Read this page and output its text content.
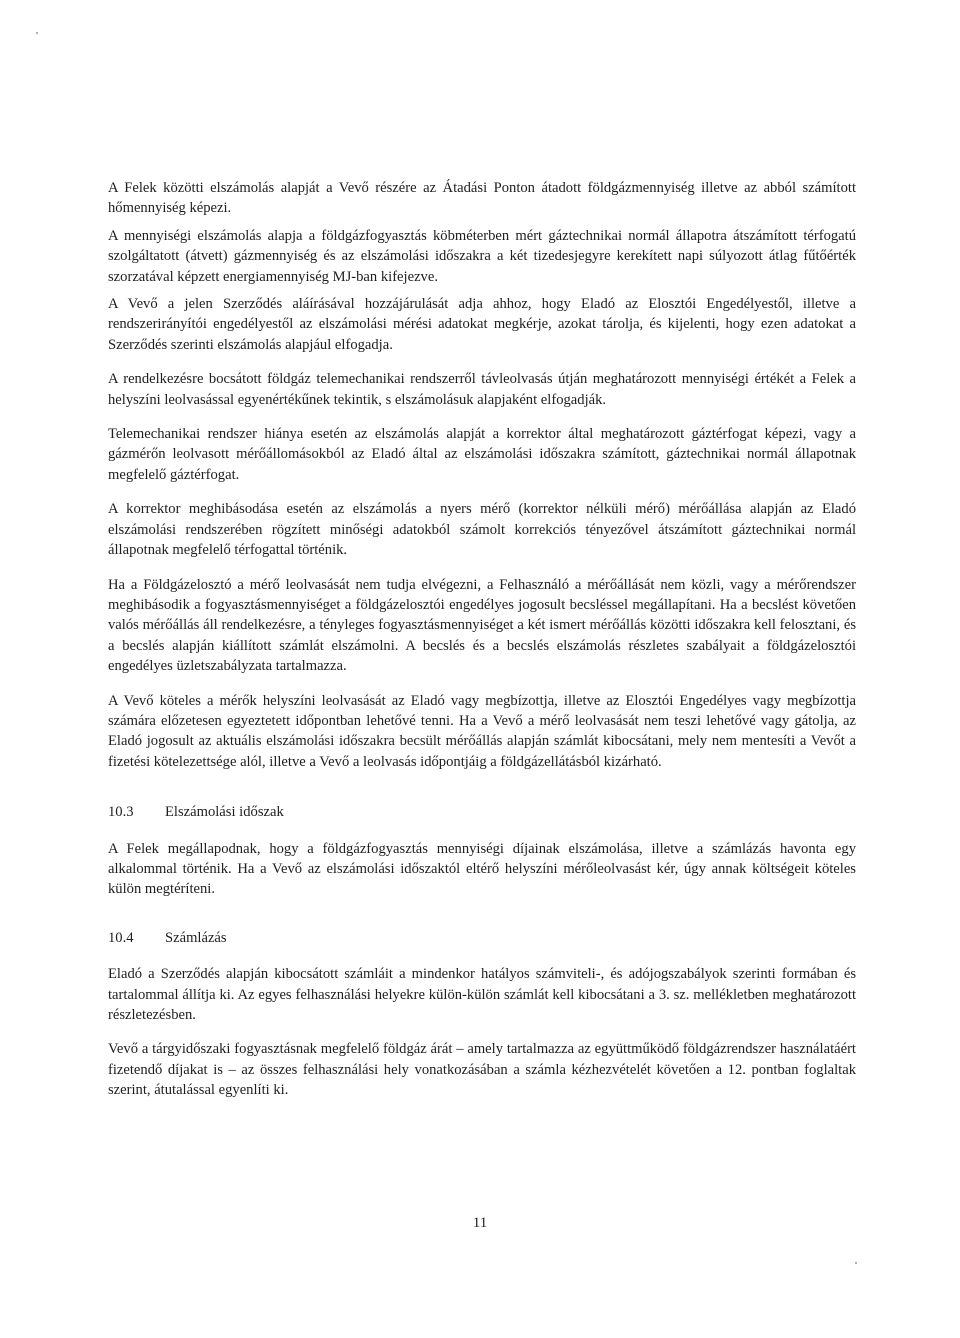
A Felek közötti elszámolás alapját a Vevő részére az Átadási Ponton átadott földgázmennyiség illetve az abból számított hőmennyiség képezi.

A mennyiségi elszámolás alapja a földgázfogyasztás köbméterben mért gáztechnikai normál állapotra átszámított térfogatú szolgáltatott (átvett) gázmennyiség és az elszámolási időszakra a két tizedesjegyre kerekített napi súlyozott átlag fűtőérték szorzatával képzett energiamennyiség MJ-ban kifejezve.

A Vevő a jelen Szerződés aláírásával hozzájárulását adja ahhoz, hogy Eladó az Elosztói Engedélyestől, illetve a rendszerirányítói engedélyestől az elszámolási mérési adatokat megkérje, azokat tárolja, és kijelenti, hogy ezen adatokat a Szerződés szerinti elszámolás alapjául elfogadja.

A rendelkezésre bocsátott földgáz telemechanikai rendszerről távleolvasás útján meghatározott mennyiségi értékét a Felek a helyszíni leolvasással egyenértékűnek tekintik, s elszámolásuk alapjaként elfogadják.

Telemechanikai rendszer hiánya esetén az elszámolás alapját a korrektor által meghatározott gáztérfogat képezi, vagy a gázmérőn leolvasott mérőállomásokból az Eladó által az elszámolási időszakra számított, gáztechnikai normál állapotnak megfelelő gáztérfogat.

A korrektor meghibásodása esetén az elszámolás a nyers mérő (korrektor nélküli mérő) mérőállása alapján az Eladó elszámolási rendszerében rögzített minőségi adatokból számolt korrekciós tényezővel átszámított gáztechnikai normál állapotnak megfelelő térfogattal történik.

Ha a Földgázelosztó a mérő leolvasását nem tudja elvégezni, a Felhasználó a mérőállását nem közli, vagy a mérőrendszer meghibásodik a fogyasztásmennyiséget a földgázelosztói engedélyes jogosult becsléssel megállapítani. Ha a becslést követően valós mérőállás áll rendelkezésre, a tényleges fogyasztásmennyiséget a két ismert mérőállás közötti időszakra kell felosztani, és a becslés alapján kiállított számlát elszámolni. A becslés és a becslés elszámolás részletes szabályait a földgázelosztói engedélyes üzletszabályzata tartalmazza.

A Vevő köteles a mérők helyszíni leolvasását az Eladó vagy megbízottja, illetve az Elosztói Engedélyes vagy megbízottja számára előzetesen egyeztetett időpontban lehetővé tenni. Ha a Vevő a mérő leolvasását nem teszi lehetővé vagy gátolja, az Eladó jogosult az aktuális elszámolási időszakra becsült mérőállás alapján számlát kibocsátani, mely nem mentesíti a Vevőt a fizetési kötelezettsége alól, illetve a Vevő a leolvasás időpontjáig a földgázellátásból kizárható.

10.3 Elszámolási időszak

A Felek megállapodnak, hogy a földgázfogyasztás mennyiségi díjainak elszámolása, illetve a számlázás havonta egy alkalommal történik. Ha a Vevő az elszámolási időszaktól eltérő helyszíni mérőleolvasást kér, úgy annak költségeit köteles külön megtéríteni.

10.4 Számlázás

Eladó a Szerződés alapján kibocsátott számláit a mindenkor hatályos számviteli-, és adójogszabályok szerinti formában és tartalommal állítja ki. Az egyes felhasználási helyekre külön-külön számlát kell kibocsátani a 3. sz. mellékletben meghatározott részletezésben.

Vevő a tárgyidőszaki fogyasztásnak megfelelő földgáz árát – amely tartalmazza az együttműködő földgázrendszer használatáért fizetendő díjakat is – az összes felhasználási hely vonatkozásában a számla kézhezvételét követően a 12. pontban foglaltak szerint, átutalással egyenlíti ki.

11
